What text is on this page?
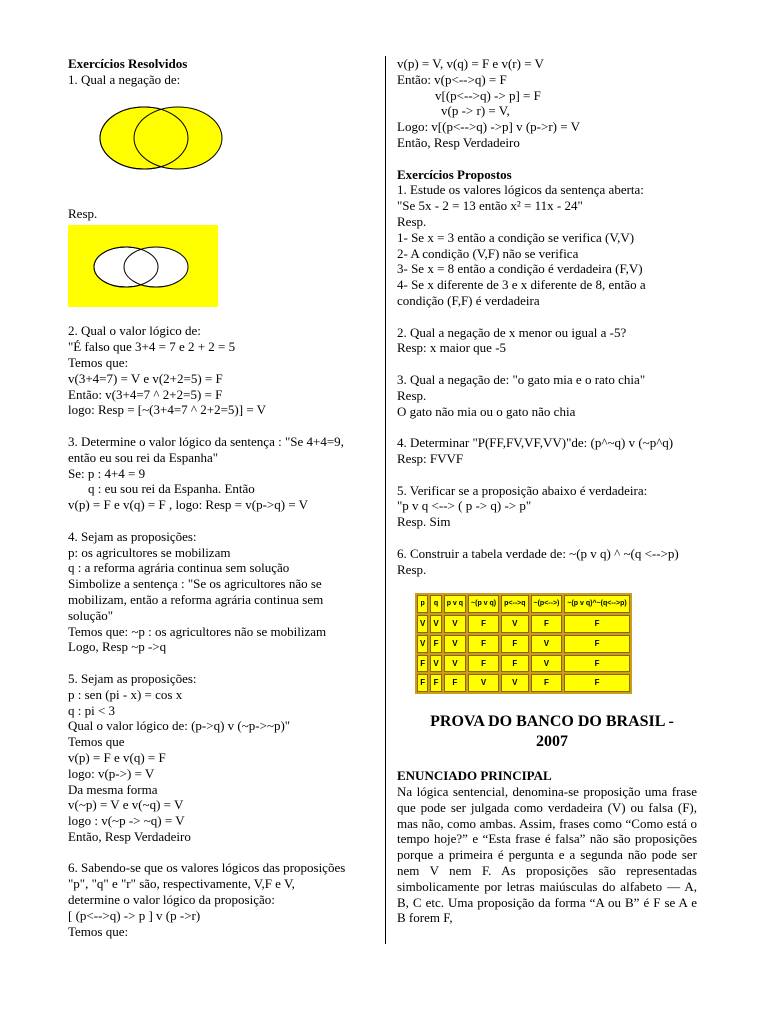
Exercícios Resolvidos
1. Qual a negação de:
Resp.
2. Qual o valor lógico de:
"É falso que 3+4 = 7 e 2 + 2 = 5
Temos que:
v(3+4=7) = V e v(2+2=5) = F
Então: v(3+4=7 ^ 2+2=5) = F
logo: Resp = [~(3+4=7 ^ 2+2=5)] = V
3. Determine o valor lógico da sentença : "Se 4+4=9,
então eu sou rei da Espanha"
Se: p : 4+4 = 9
q : eu sou rei da Espanha. Então
v(p) = F e v(q) = F , logo: Resp = v(p->q) = V
4. Sejam as proposições:
p: os agricultores se mobilizam
q : a reforma agrária continua sem solução
Simbolize a sentença : "Se os agricultores não se
mobilizam, então a reforma agrária continua sem
solução"
Temos que: ~p : os agricultores não se mobilizam
Logo, Resp ~p ->q
5. Sejam as proposições:
p : sen (pi - x) = cos x
q : pi < 3
Qual o valor lógico de: (p->q) v (~p->~p)"
Temos que
v(p) = F e v(q) = F
logo: v(p->) = V
Da mesma forma
v(~p) = V e v(~q) = V
logo : v(~p -> ~q) = V
Então, Resp Verdadeiro
6. Sabendo-se que os valores lógicos das proposições
"p", "q" e "r" são, respectivamente, V,F e V,
determine o valor lógico da proposição:
[ (p<-->q) -> p ] v (p ->r)
Temos que:
v(p) = V, v(q) = F e v(r) = V
Então: v(p<-->q) = F
v[(p<-->q) -> p] = F
v(p -> r) = V,
Logo: v[(p<-->q) ->p] v (p->r) = V
Então, Resp Verdadeiro
Exercícios Propostos
1. Estude os valores lógicos da sentença aberta:
"Se 5x - 2 = 13 então x² = 11x - 24"
Resp.
1- Se x = 3 então a condição se verifica (V,V)
2- A condição (V,F) não se verifica
3- Se x = 8 então a condição é verdadeira (F,V)
4- Se x diferente de 3 e x diferente de 8, então a
condição (F,F) é verdadeira
2. Qual a negação de x menor ou igual a -5?
Resp: x maior que -5
3. Qual a negação de: "o gato mia e o rato chia"
Resp.
O gato não mia ou o gato não chia
4. Determinar "P(FF,FV,VF,VV)"de: (p^~q) v (~p^q)
Resp: FVVF
5. Verificar se a proposição abaixo é verdadeira:
"p v q <--> ( p -> q) -> p"
Resp. Sim
6. Construir a tabela verdade de: ~(p v q) ^ ~(q <-->p)
Resp.
p	q	p v q	~(p v q)	p<-->q	~(p<-->)	~(p v q)^~(q<-->p)
V	V	V	F	V	F	F
V	F	V	F	F	V	F
F	V	V	F	F	V	F
F	F	F	V	V	F	F
PROVA DO BANCO DO BRASIL -
2007
ENUNCIADO PRINCIPAL
Na lógica sentencial, denomina-se proposição uma frase que pode ser julgada como verdadeira (V) ou falsa (F), mas não, como ambas. Assim, frases como “Como está o tempo hoje?” e “Esta frase é falsa” não são proposições porque a primeira é pergunta e a segunda não pode ser nem V nem F. As proposições são representadas simbolicamente por letras maiúsculas do alfabeto — A, B, C etc. Uma proposição da forma “A ou B” é F se A e B forem F,
